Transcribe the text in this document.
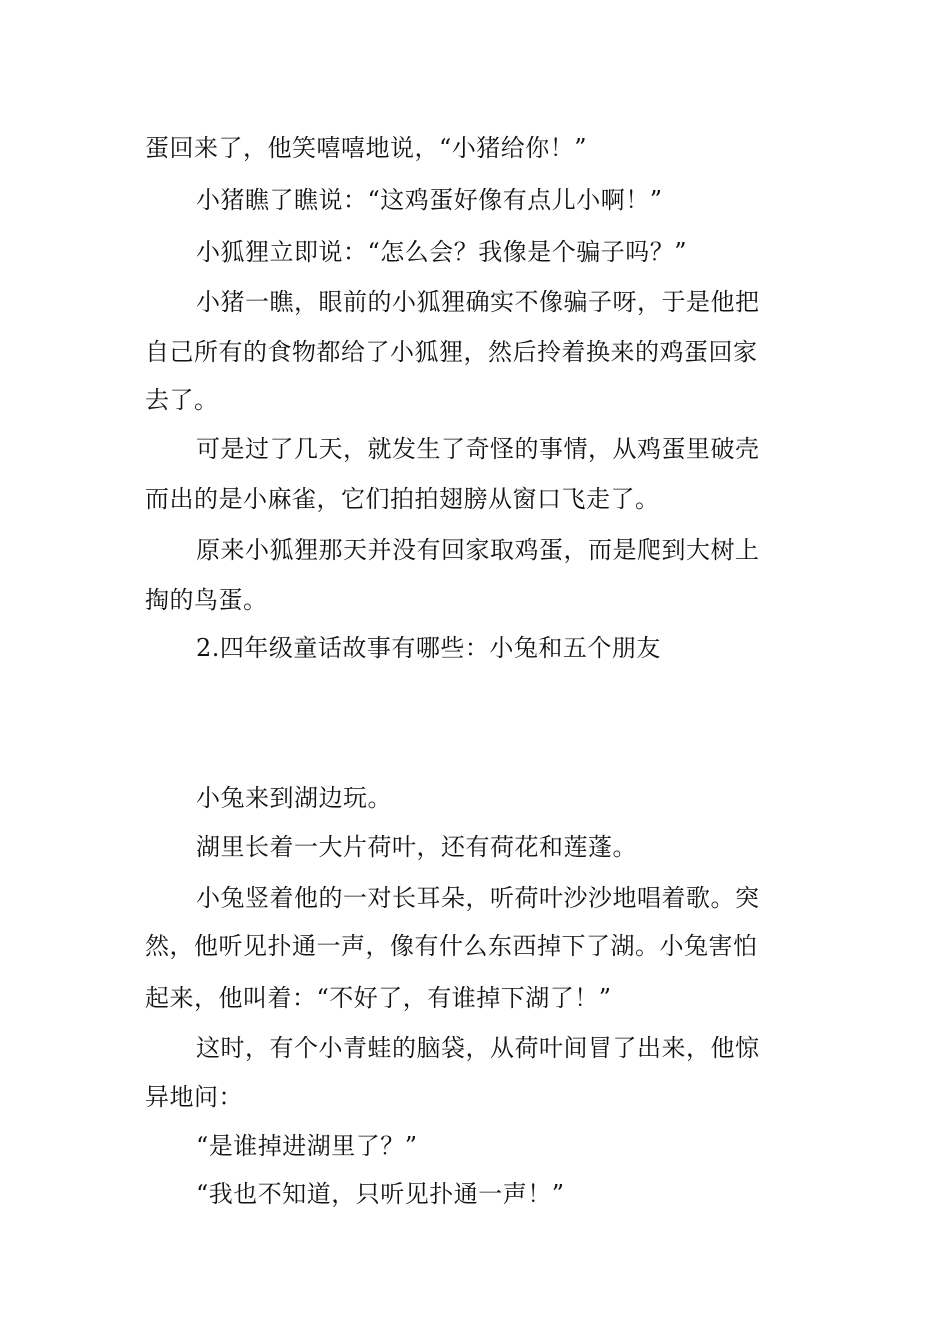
蛋回来了，他笑嘻嘻地说，“小猪给你！”
小猪瞧了瞧说：“这鸡蛋好像有点儿小啊！”
小狐狸立即说：“怎么会？我像是个骗子吗？”
小猪一瞧，眼前的小狐狸确实不像骗子呀，于是他把
自己所有的食物都给了小狐狸，然后拎着换来的鸡蛋回家
去了。
可是过了几天，就发生了奇怪的事情，从鸡蛋里破壳
而出的是小麻雀，它们拍拍翅膀从窗口飞走了。
原来小狐狸那天并没有回家取鸡蛋，而是爬到大树上
掏的鸟蛋。
2.四年级童话故事有哪些：小兔和五个朋友
小兔来到湖边玩。
湖里长着一大片荷叶，还有荷花和莲蓬。
小兔竖着他的一对长耳朵，听荷叶沙沙地唱着歌。突
然，他听见扑通一声，像有什么东西掉下了湖。小兔害怕
起来，他叫着：“不好了，有谁掉下湖了！”
这时，有个小青蛙的脑袋，从荷叶间冒了出来，他惊
异地问：
“是谁掉进湖里了？”
“我也不知道，只听见扑通一声！”
